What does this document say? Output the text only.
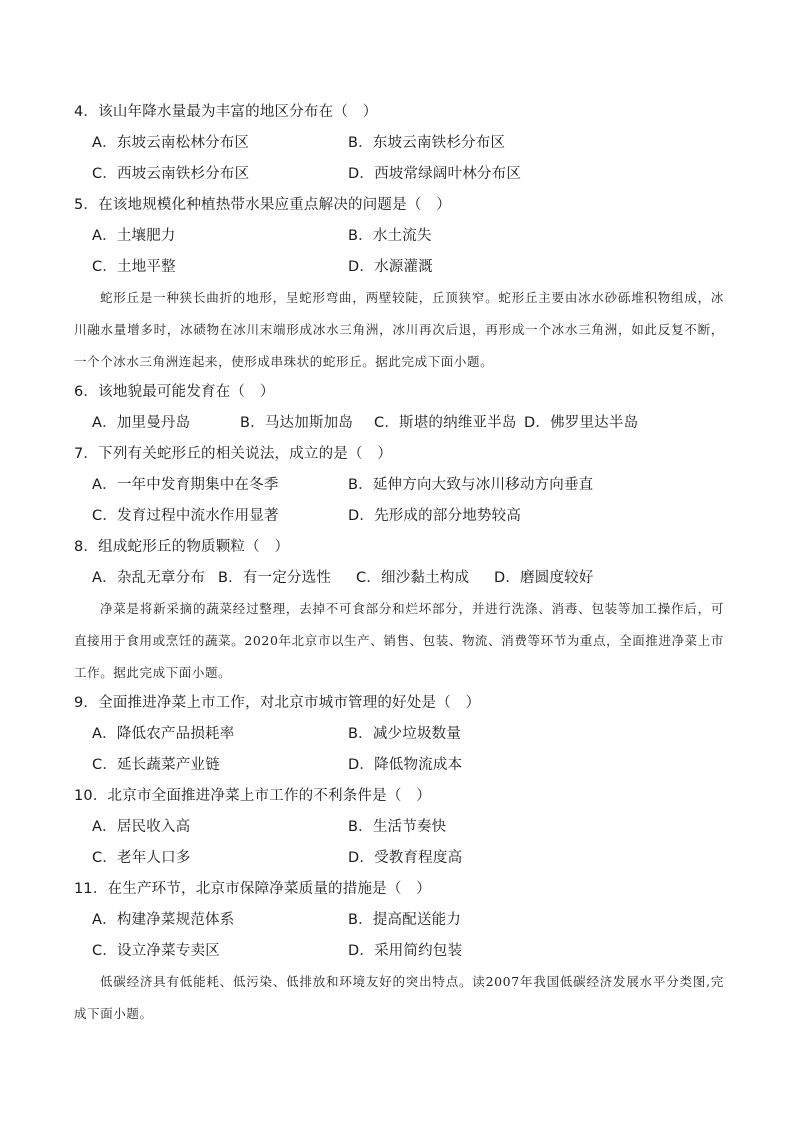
4．该山年降水量最为丰富的地区分布在（　）
A．东坡云南松林分布区	B．东坡云南铁杉分布区
C．西坡云南铁杉分布区	D．西坡常绿阔叶林分布区
5．在该地规模化种植热带水果应重点解决的问题是（　）
A．土壤肥力	B．水土流失
C．土地平整	D．水源灌溉
蛇形丘是一种狭长曲折的地形，呈蛇形弯曲，两壁较陡，丘顶狭窄。蛇形丘主要由冰水砂砾堆积物组成，冰川融水量增多时，冰碛物在冰川末端形成冰水三角洲，冰川再次后退，再形成一个冰水三角洲，如此反复不断，一个个冰水三角洲连起来，使形成串珠状的蛇形丘。据此完成下面小题。
6．该地貌最可能发育在（　）
A．加里曼丹岛	B．马达加斯加岛 C．斯堪的纳维亚半岛 D．佛罗里达半岛
7．下列有关蛇形丘的相关说法，成立的是（　）
A．一年中发育期集中在冬季	B．延伸方向大致与冰川移动方向垂直
C．发育过程中流水作用显著	D．先形成的部分地势较高
8．组成蛇形丘的物质颗粒（　）
A．杂乱无章分布 B．有一定分选性 C．细沙黏土构成 D．磨圆度较好
净菜是将新采摘的蔬菜经过整理，去掉不可食部分和烂坏部分，并进行洗涤、消毒、包装等加工操作后，可直接用于食用或烹饪的蔬菜。2020年北京市以生产、销售、包装、物流、消费等环节为重点，全面推进净菜上市工作。据此完成下面小题。
9．全面推进净菜上市工作，对北京市城市管理的好处是（　）
A．降低农产品损耗率	B．减少垃圾数量
C．延长蔬菜产业链	D．降低物流成本
10．北京市全面推进净菜上市工作的不利条件是（　）
A．居民收入高	B．生活节奏快
C．老年人口多	D．受教育程度高
11．在生产环节，北京市保障净菜质量的措施是（　）
A．构建净菜规范体系	B．提高配送能力
C．设立净菜专卖区	D．采用简约包装
低碳经济具有低能耗、低污染、低排放和环境友好的突出特点。读2007年我国低碳经济发展水平分类图,完成下面小题。
